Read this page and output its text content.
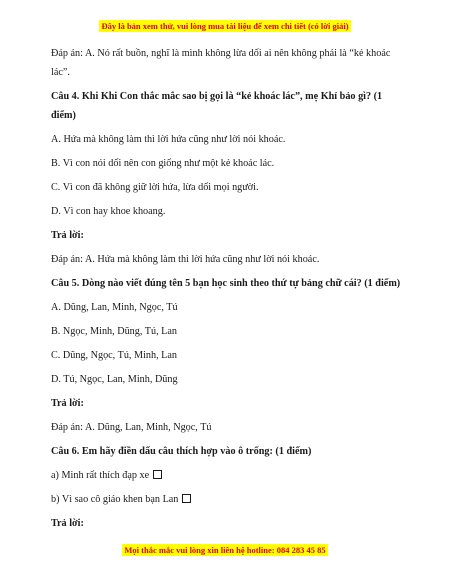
Đây là bản xem thử, vui lòng mua tài liệu để xem chi tiết (có lời giải)

Đáp án: A. Nó rất buồn, nghĩ là mình không lừa dối ai nên không phải là “kẻ khoác lác”.

Câu 4. Khi Khi Con thắc mắc sao bị gọi là “kẻ khoác lác”, mẹ Khỉ bảo gì? (1 điểm)

A. Hứa mà không làm thì lời hứa cũng như lời nói khoác.

B. Vì con nói dối nên con giống như một kẻ khoác lác.

C. Vì con đã không giữ lời hứa, lừa dối mọi người.

D. Vì con hay khoe khoang.

Trả lời:

Đáp án: A. Hứa mà không làm thì lời hứa cũng như lời nói khoác.

Câu 5. Dòng nào viết đúng tên 5 bạn học sinh theo thứ tự bảng chữ cái? (1 điểm)

A. Dũng, Lan, Minh, Ngọc, Tú

B. Ngọc, Minh, Dũng, Tú, Lan

C. Dũng, Ngọc, Tú, Minh, Lan

D. Tú, Ngọc, Lan, Minh, Dũng

Trả lời:

Đáp án: A. Dũng, Lan, Minh, Ngọc, Tú

Câu 6. Em hãy điền dấu câu thích hợp vào ô trống: (1 điểm)

a) Minh rất thích đạp xe

b) Vì sao cô giáo khen bạn Lan

Trả lời:

Mọi thắc mắc vui lòng xin liên hệ hotline: 084 283 45 85
